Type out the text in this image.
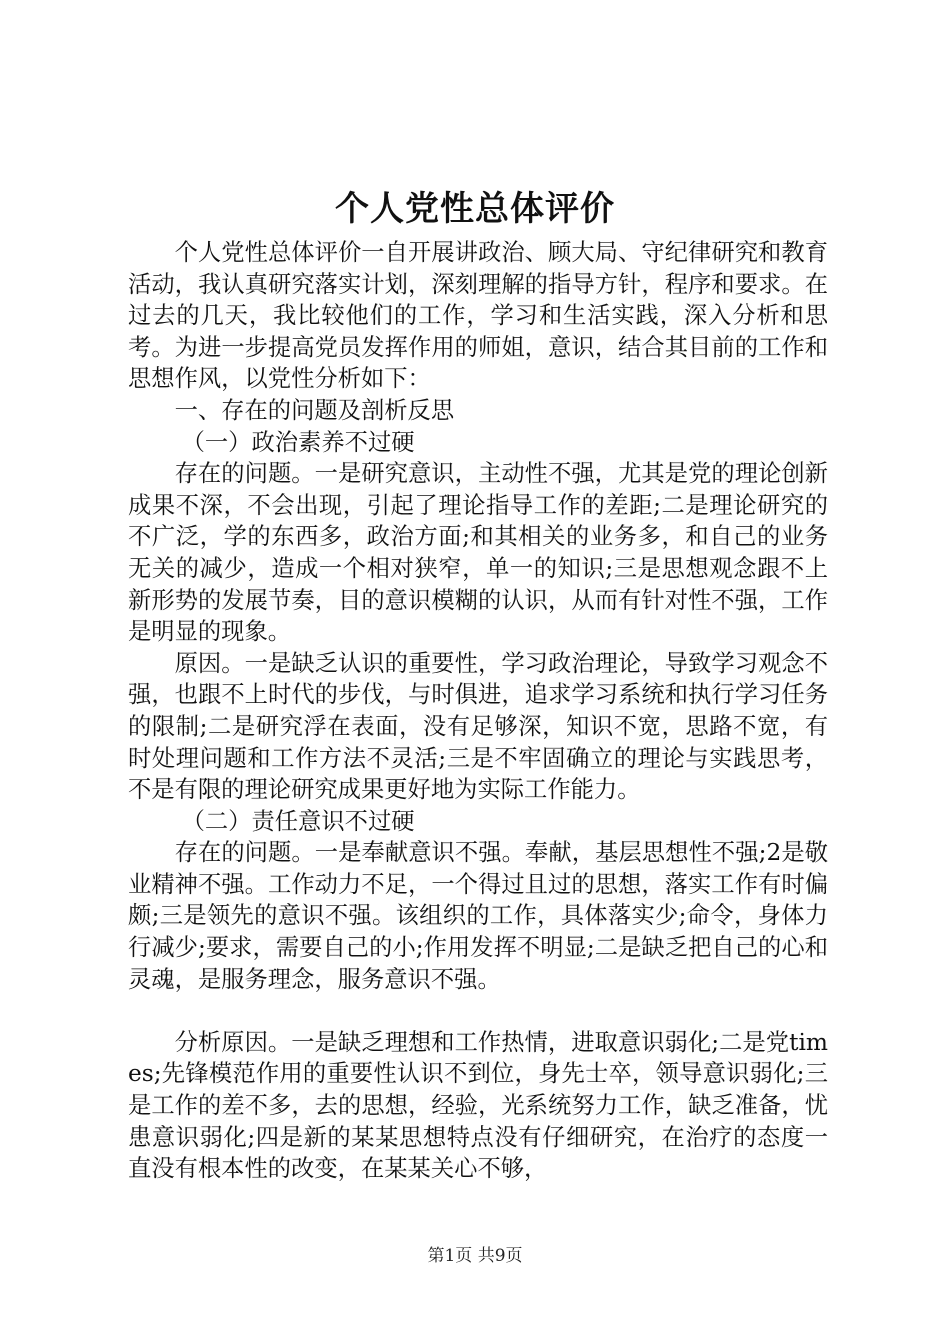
个人党性总体评价

个人党性总体评价一自开展讲政治、顾大局、守纪律研究和教育活动，我认真研究落实计划，深刻理解的指导方针，程序和要求。在过去的几天，我比较他们的工作，学习和生活实践，深入分析和思考。为进一步提高党员发挥作用的师姐，意识，结合其目前的工作和思想作风，以党性分析如下：

一、存在的问题及剖析反思

（一）政治素养不过硬

存在的问题。一是研究意识，主动性不强，尤其是党的理论创新成果不深，不会出现，引起了理论指导工作的差距;二是理论研究的不广泛，学的东西多，政治方面;和其相关的业务多，和自己的业务无关的减少，造成一个相对狭窄，单一的知识;三是思想观念跟不上新形势的发展节奏，目的意识模糊的认识，从而有针对性不强，工作是明显的现象。

原因。一是缺乏认识的重要性，学习政治理论，导致学习观念不强，也跟不上时代的步伐，与时俱进，追求学习系统和执行学习任务的限制;二是研究浮在表面，没有足够深，知识不宽，思路不宽，有时处理问题和工作方法不灵活;三是不牢固确立的理论与实践思考，不是有限的理论研究成果更好地为实际工作能力。

（二）责任意识不过硬

存在的问题。一是奉献意识不强。奉献，基层思想性不强;2是敬业精神不强。工作动力不足，一个得过且过的思想，落实工作有时偏颇;三是领先的意识不强。该组织的工作，具体落实少;命令，身体力行减少;要求，需要自己的小;作用发挥不明显;二是缺乏把自己的心和灵魂，是服务理念，服务意识不强。

分析原因。一是缺乏理想和工作热情，进取意识弱化;二是党times;先锋模范作用的重要性认识不到位，身先士卒，领导意识弱化;三是工作的差不多，去的思想，经验，光系统努力工作，缺乏准备，忧患意识弱化;四是新的某某思想特点没有仔细研究，在治疗的态度一直没有根本性的改变，在某某关心不够，

第1页 共9页
